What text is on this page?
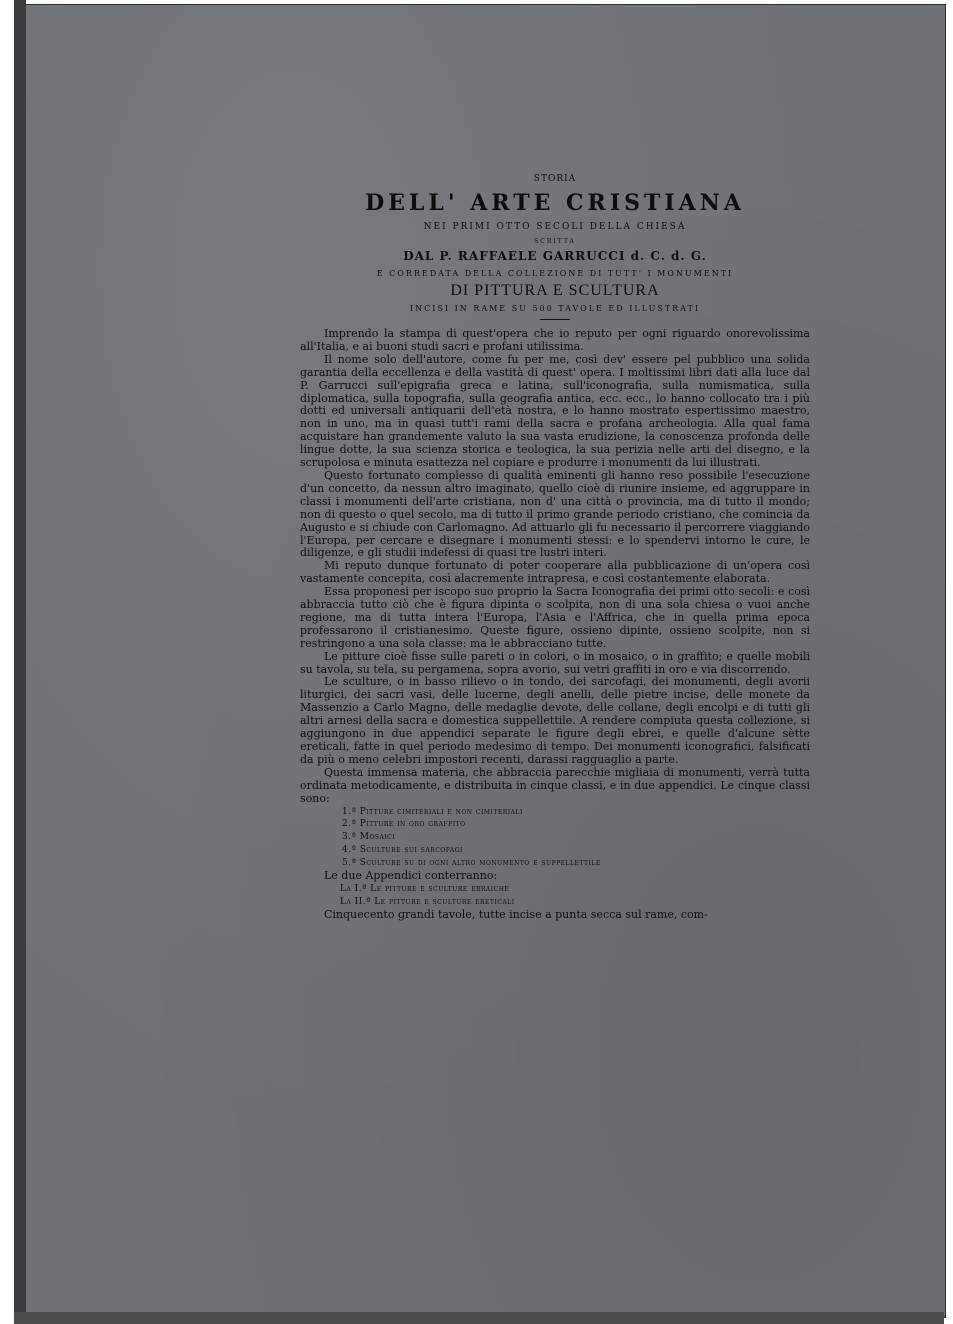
STORIA
DELL' ARTE CRISTIANA
NEI PRIMI OTTO SECOLI DELLA CHIESA
SCRITTA
DAL P. RAFFAELE GARRUCCI d. C. d. G.
E CORREDATA DELLA COLLEZIONE DI TUTT' I MONUMENTI
DI PITTURA E SCULTURA
INCISI IN RAME SU 500 TAVOLE ED ILLUSTRATI

Imprendo la stampa di quest'opera che io reputo per ogni riguardo onorevolissima all'Italia, e ai buoni studi sacri e profani utilissima.

Il nome solo dell'autore, come fu per me, così dev' essere pel pubblico una solida garantia della eccellenza e della vastità di quest' opera. I moltissimi libri dati alla luce dal P. Garrucci sull'epigrafia greca e latina, sull'iconografia, sulla numismatica, sulla diplomatica, sulla topografia, sulla geografia antica, ecc. ecc., lo hanno collocato tra i più dotti ed universali antiquarii dell'età nostra, e lo hanno mostrato espertissimo maestro, non in uno, ma in quasi tutt'i rami della sacra e profana archeologia. Alla qual fama acquistare han grandemente valuto la sua vasta erudizione, la conoscenza profonda delle lingue dotte, la sua scienza storica e teologica, la sua perizia nelle arti del disegno, e la scrupolosa e minuta esattezza nel copiare e produrre i monumenti da lui illustrati.

Questo fortunato complesso di qualità eminenti gli hanno reso possibile l'esecuzione d'un concetto, da nessun altro imaginato, quello cioè di riunire insieme, ed aggruppare in classi i monumenti dell'arte cristiana, non d' una città o provincia, ma di tutto il mondo; non di questo o quel secolo, ma di tutto il primo grande periodo cristiano, che comincia da Augusto e si chiude con Carlomagno. Ad attuarlo gli fu necessario il percorrere viaggiando l'Europa, per cercare e disegnare i monumenti stessi: e lo spendervi intorno le cure, le diligenze, e gli studii indefessi di quasi tre lustri interi.

Mi reputo dunque fortunato di poter cooperare alla pubblicazione di un'opera così vastamente concepita, così alacremente intrapresa, e così costantemente elaborata.

Essa proponesi per iscopo suo proprio la Sacra Iconografia dei primi otto secoli: e così abbraccia tutto ciò che è figura dipinta o scolpita, non di una sola chiesa o vuoi anche regione, ma di tutta intera l'Europa, l'Asia e l'Affrica, che in quella prima epoca professarono il cristianesimo. Queste figure, ossieno dipinte, ossieno scolpite, non si restringono a una sola classe: ma le abbracciano tutte.

Le pitture cioè fisse sulle pareti o in colori, o in mosaico, o in graffito; e quelle mobili su tavola, su tela, su pergamena, sopra avorio, sui vetri graffiti in oro e via discorrendo.

Le sculture, o in basso rilievo o in tondo, dei sarcofagi, dei monumenti, degli avorii liturgici, dei sacri vasi, delle lucerne, degli anelli, delle pietre incise, delle monete da Massenzio a Carlo Magno, delle medaglie devote, delle collane, degli encolpi e di tutti gli altri arnesi della sacra e domestica suppellettile. A rendere compiuta questa collezione, si aggiungono in due appendici separate le figure degli ebrei, e quelle d'alcune sètte ereticali, fatte in quel periodo medesimo di tempo. Dei monumenti iconografici, falsificati da più o meno celebri impostori recenti, darassi ragguaglio a parte.

Questa immensa materia, che abbraccia parecchie migliaia di monumenti, verrà tutta ordinata metodicamente, e distribuita in cinque classi, e in due appendici. Le cinque classi sono:

1.ª Pitture cimiteriali e non cimiteriali
2.ª Pitture in oro graffito
3.ª Mosaici
4.ª Sculture sui sarcofagi
5.ª Sculture su di ogni altro monumento e suppellettile
Le due Appendici conterranno:
La I.ª Le pitture e sculture ebraiche
La II.ª Le pitture e sculture ereticali
Cinquecento grandi tavole, tutte incise a punta secca sul rame, com-
